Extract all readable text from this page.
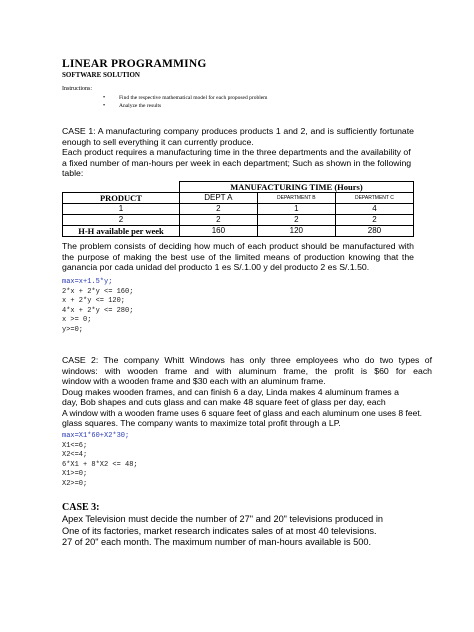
LINEAR PROGRAMMING
SOFTWARE SOLUTION
Instructions:
• Find the respective mathematical model for each proposed problem
• Analyze the results
CASE 1: A manufacturing company produces products 1 and 2, and is sufficiently fortunate enough to sell everything it can currently produce.
Each product requires a manufacturing time in the three departments and the availability of a fixed number of man-hours per week in each department; Such as shown in the following table:
	MANUFACTURING TIME (Hours)		
PRODUCT	DEPT A	DEPARTMENT B	DEPARTMENT C
1	2	1	4
2	2	2	2
H-H available per week	160	120	280
The problem consists of deciding how much of each product should be manufactured with the purpose of making the best use of the limited means of production knowing that the ganancia por cada unidad del producto 1 es S/.1.00 y del producto 2 es S/.1.50.
max=x+1.5*y;
2*x + 2*y <= 160;
x + 2*y <= 120;
4*x + 2*y <= 280;
x >= 0;
y>=0;
CASE 2: The company Whitt Windows has only three employees who do two types of
windows: with wooden frame and with aluminum frame, the profit is $60 for each
window with a wooden frame and $30 each with an aluminum frame.
Doug makes wooden frames, and can finish 6 a day, Linda makes 4 aluminum frames a
day, Bob shapes and cuts glass and can make 48 square feet of glass per day, each
A window with a wooden frame uses 6 square feet of glass and each aluminum one uses 8 feet.
glass squares. The company wants to maximize total profit through a LP.
max=X1*60+X2*30;
X1<=6;
X2<=4;
6*X1 + 8*X2 <= 48;
X1>=0;
X2>=0;
CASE 3:
Apex Television must decide the number of 27" and 20" televisions produced in
One of its factories, market research indicates sales of at most 40 televisions.
27 of 20" each month. The maximum number of man-hours available is 500.
